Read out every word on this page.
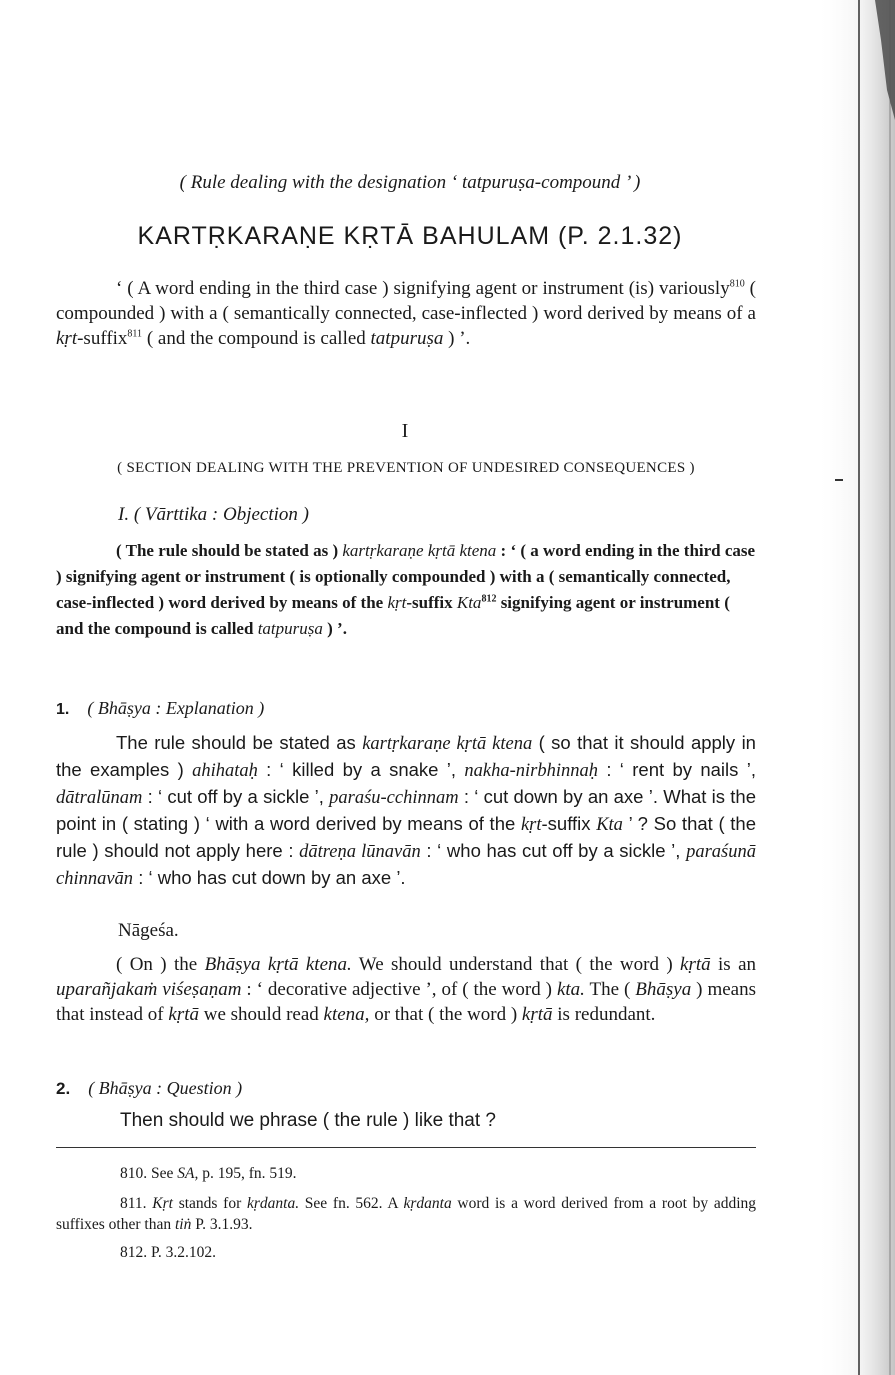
( Rule dealing with the designation ‘ tatpuruṣa-compound ’ )
KARTṚKARAṆE KṚTĀ BAHULAM (P. 2.1.32)
‘ ( A word ending in the third case ) signifying agent or instrument (is) variously$^{810}$ ( compounded ) with a ( semantically connected, case-inflected ) word derived by means of a kṛt-suffix$^{811}$ ( and the compound is called tatpuruṣa ) ’.
I
( SECTION DEALING WITH THE PREVENTION OF UNDESIRED CONSEQUENCES )
I. ( Vārttika : Objection )
( The rule should be stated as ) kartṛkaraṇe kṛtā ktena : ‘ ( a word ending in the third case ) signifying agent or instrument ( is optionally compounded ) with a ( semantically connected, case-inflected ) word derived by means of the kṛt-suffix Kta$^{812}$ signifying agent or instrument ( and the compound is called tatpuruṣa ) ’.
1. ( Bhāṣya : Explanation )
The rule should be stated as kartṛkaraṇe kṛtā ktena ( so that it should apply in the examples ) ahihataḥ : ‘ killed by a snake ’, nakha-nirbhinnaḥ : ‘ rent by nails ’, dātralūnam : ‘ cut off by a sickle ’, paraśu-cchinnam : ‘ cut down by an axe ’. What is the point in ( stating ) ‘ with a word derived by means of the kṛt-suffix Kta ’ ? So that ( the rule ) should not apply here : dātreṇa lūnavān : ‘ who has cut off by a sickle ’, paraśunā chinnavān : ‘ who has cut down by an axe ’.
Nāgeśa.
( On ) the Bhāṣya kṛtā ktena. We should understand that ( the word ) kṛtā is an uparañjakaṁ viśeṣaṇam : ‘ decorative adjective ’, of ( the word ) kta. The ( Bhāṣya ) means that instead of kṛtā we should read ktena, or that ( the word ) kṛtā is redundant.
2. ( Bhāṣya : Question )
Then should we phrase ( the rule ) like that ?
810. See SA, p. 195, fn. 519.
811. Kṛt stands for kṛdanta. See fn. 562. A kṛdanta word is a word derived from a root by adding suffixes other than tiṅ P. 3.1.93.
812. P. 3.2.102.
